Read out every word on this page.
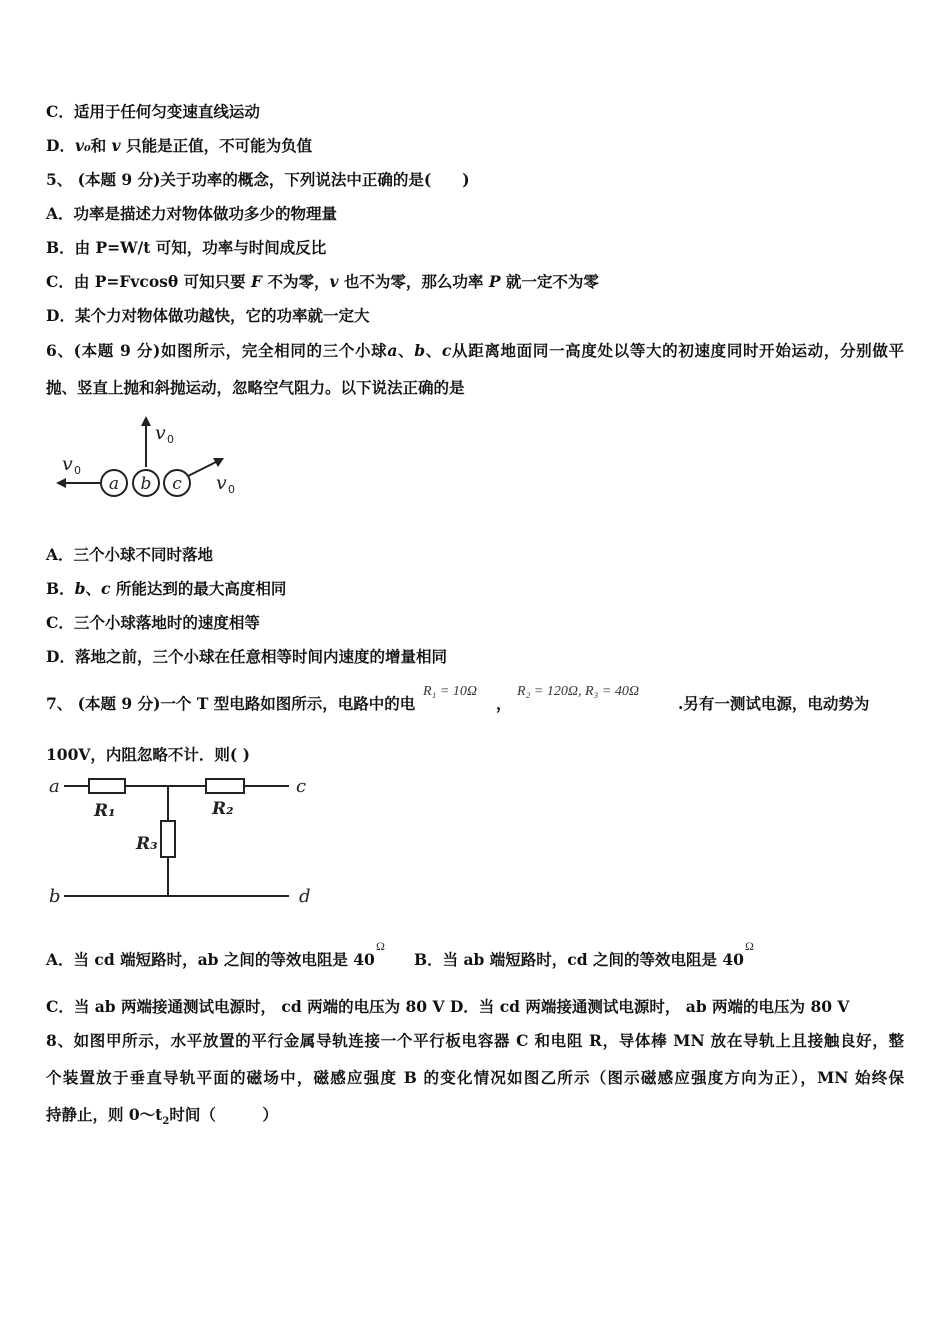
C．适用于任何匀变速直线运动
D．v₀和 v 只能是正值，不可能为负值
5、 (本题 9 分)关于功率的概念，下列说法中正确的是(　　)
A．功率是描述力对物体做功多少的物理量
B．由 P=W/t 可知，功率与时间成反比
C．由 P=Fvcosθ 可知只要 F 不为零，v 也不为零，那么功率 P 就一定不为零
D．某个力对物体做功越快，它的功率就一定大
6、(本题 9 分)如图所示，完全相同的三个小球a、b、c从距离地面同一高度处以等大的初速度同时开始运动，分别做平
抛、竖直上抛和斜抛运动，忽略空气阻力。以下说法正确的是
a b c
v
v
v
0
0
0
A．三个小球不同时落地
B．b、c 所能达到的最大高度相同
C．三个小球落地时的速度相等
D．落地之前，三个小球在任意相等时间内速度的增量相同
7、 (本题 9 分)一个 T 型电路如图所示，电路中的电
R₁ = 10Ω
，
R₂ = 120Ω, R₃ = 40Ω
.另有一测试电源，电动势为
100V，内阻忽略不计．则( )
a
b
c
d
R₁	R₂
R₃
A．当 cd 端短路时，ab 之间的等效电阻是 40
Ω
B．当 ab 端短路时，cd 之间的等效电阻是 40
Ω
C．当 ab 两端接通测试电源时， cd 两端的电压为 80 V D．当 cd 两端接通测试电源时， ab 两端的电压为 80 V
8、如图甲所示，水平放置的平行金属导轨连接一个平行板电容器 C 和电阻 R，导体棒 MN 放在导轨上且接触良好，整
个装置放于垂直导轨平面的磁场中，磁感应强度 B 的变化情况如图乙所示（图示磁感应强度方向为正），MN 始终保
持静止，则 $0\sim t_2$时间（　　　）
